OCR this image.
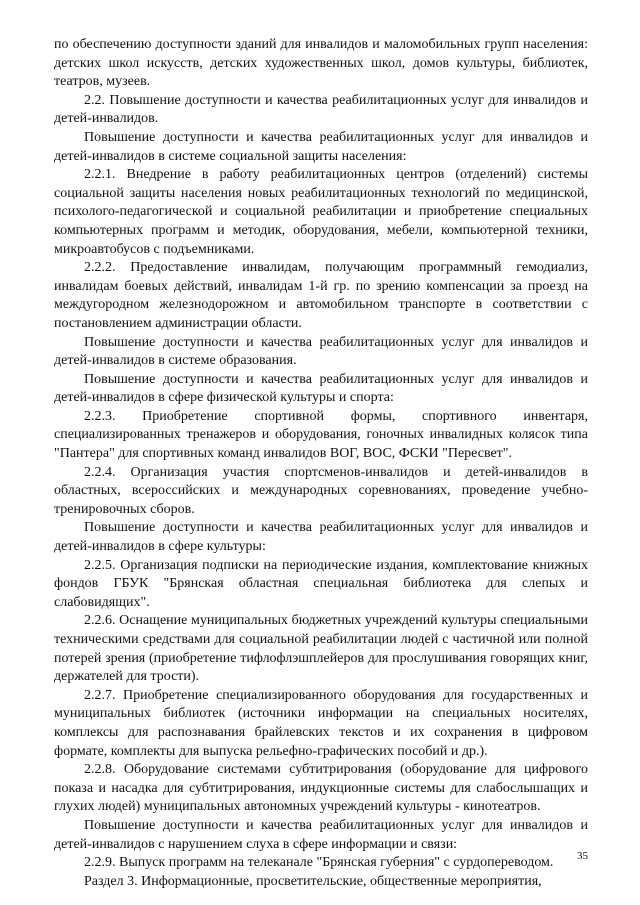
по обеспечению доступности зданий для инвалидов и маломобильных групп населения: детских школ искусств, детских художественных школ, домов культуры, библиотек, театров, музеев.

2.2. Повышение доступности и качества реабилитационных услуг для инвалидов и детей-инвалидов.

Повышение доступности и качества реабилитационных услуг для инвалидов и детей-инвалидов в системе социальной защиты населения:

2.2.1. Внедрение в работу реабилитационных центров (отделений) системы социальной защиты населения новых реабилитационных технологий по медицинской, психолого-педагогической и социальной реабилитации и приобретение специальных компьютерных программ и методик, оборудования, мебели, компьютерной техники, микроавтобусов с подъемниками.

2.2.2. Предоставление инвалидам, получающим программный гемодиализ, инвалидам боевых действий, инвалидам 1-й гр. по зрению компенсации за проезд на междугородном железнодорожном и автомобильном транспорте в соответствии с постановлением администрации области.

Повышение доступности и качества реабилитационных услуг для инвалидов и детей-инвалидов в системе образования.

Повышение доступности и качества реабилитационных услуг для инвалидов и детей-инвалидов в сфере физической культуры и спорта:

2.2.3. Приобретение спортивной формы, спортивного инвентаря, специализированных тренажеров и оборудования, гоночных инвалидных колясок типа "Пантера" для спортивных команд инвалидов ВОГ, ВОС, ФСКИ "Пересвет".

2.2.4. Организация участия спортсменов-инвалидов и детей-инвалидов в областных, всероссийских и международных соревнованиях, проведение учебно-тренировочных сборов.

Повышение доступности и качества реабилитационных услуг для инвалидов и детей-инвалидов в сфере культуры:

2.2.5. Организация подписки на периодические издания, комплектование книжных фондов ГБУК "Брянская областная специальная библиотека для слепых и слабовидящих".

2.2.6. Оснащение муниципальных бюджетных учреждений культуры специальными техническими средствами для социальной реабилитации людей с частичной или полной потерей зрения (приобретение тифлофлэшплейеров для прослушивания говорящих книг, держателей для трости).

2.2.7. Приобретение специализированного оборудования для государственных и муниципальных библиотек (источники информации на специальных носителях, комплексы для распознавания брайлевских текстов и их сохранения в цифровом формате, комплекты для выпуска рельефно-графических пособий и др.).

2.2.8. Оборудование системами субтитрирования (оборудование для цифрового показа и насадка для субтитрирования, индукционные системы для слабослышащих и глухих людей) муниципальных автономных учреждений культуры - кинотеатров.

Повышение доступности и качества реабилитационных услуг для инвалидов и детей-инвалидов с нарушением слуха в сфере информации и связи:

2.2.9. Выпуск программ на телеканале "Брянская губерния" с сурдопереводом.

Раздел 3. Информационные, просветительские, общественные мероприятия,

35
